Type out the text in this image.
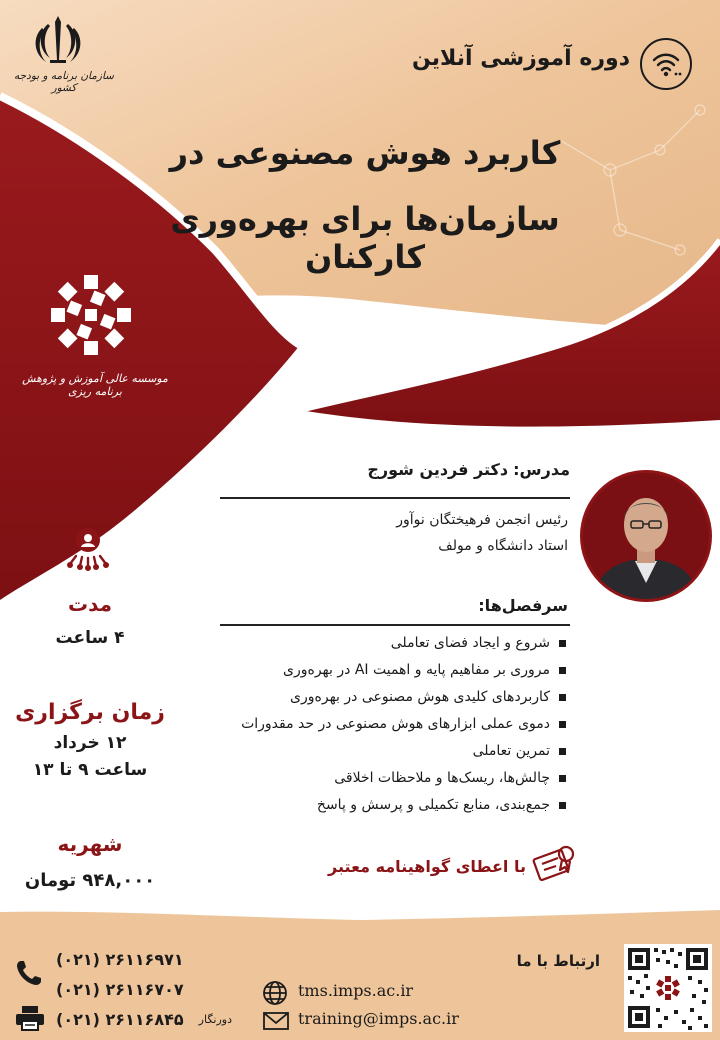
سازمان برنامه و بودجه کشور
دوره آموزشی آنلاین
کاربرد هوش مصنوعی در
سازمان‌ها برای بهره‌وری کارکنان
موسسه عالی آموزش و پژوهش برنامه ریزی
مدرس: دکتر فردین شورج
رئیس انجمن فرهیختگان نوآور
استاد دانشگاه و مولف
سرفصل‌ها:
شروع و ایجاد فضای تعاملی
مروری بر مفاهیم پایه و اهمیت AI در بهره‌وری
کاربردهای کلیدی هوش مصنوعی در بهره‌وری
دموی عملی ابزارهای هوش مصنوعی در حد مقدورات
تمرین تعاملی
چالش‌ها، ریسک‌ها و ملاحظات اخلاقی
جمع‌بندی، منابع تکمیلی و پرسش و پاسخ
با اعطای گواهینامه معتبر
مدت
۴ ساعت
زمان برگزاری
۱۲ خرداد
ساعت ۹ تا ۱۳
شهریه
۹۴۸,۰۰۰ تومان
ارتباط با ما
(۰۲۱) ۲۶۱۱۶۹۷۱
(۰۲۱) ۲۶۱۱۶۷۰۷
(۰۲۱) ۲۶۱۱۶۸۴۵	دورنگار
tms.imps.ac.ir
training@imps.ac.ir
